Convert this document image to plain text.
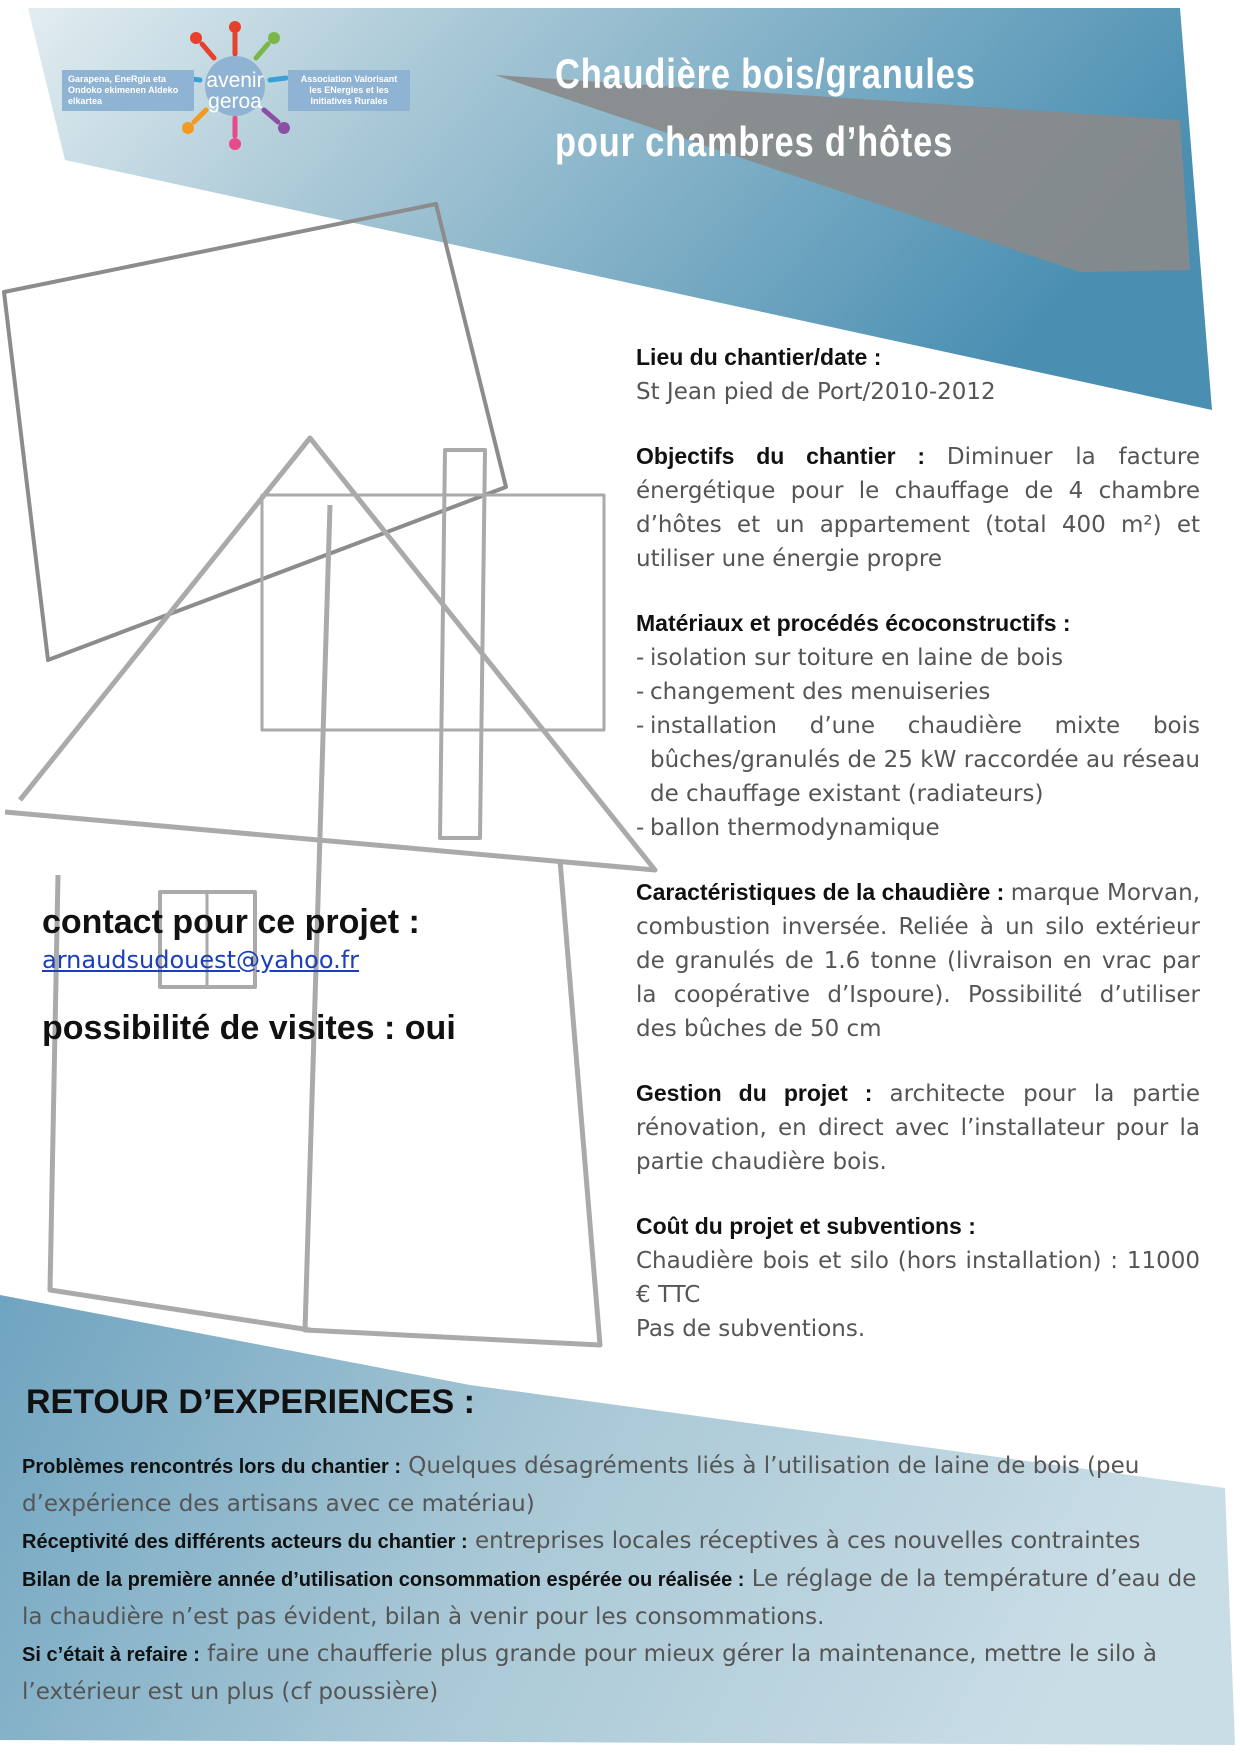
Garapena, EneRgia eta Ondoko ekimenen Aldeko elkartea
avenir
geroa
Association Valorisant les ENergies et les Initiatives Rurales
Chaudière bois/granules
pour chambres d’hôtes

Lieu du chantier/date :
St Jean pied de Port/2010-2012

Objectifs du chantier : Diminuer la facture énergétique pour le chauffage de 4 chambre d’hôtes et un appartement (total 400 m²) et utiliser une énergie propre

Matériaux et procédés écoconstructifs :
- isolation sur toiture en laine de bois
- changement des menuiseries
- installation d’une chaudière mixte bois bûches/granulés de 25 kW raccordée au réseau de chauffage existant (radiateurs)
- ballon thermodynamique

Caractéristiques de la chaudière : marque Morvan, combustion inversée. Reliée à un silo extérieur de granulés de 1.6 tonne (livraison en vrac par la coopérative d’Ispoure). Possibilité d’utiliser des bûches de 50 cm

Gestion du projet : architecte pour la partie rénovation, en direct avec l’installateur pour la partie chaudière bois.

Coût du projet et subventions :
Chaudière bois et silo (hors installation) : 11000 € TTC
Pas de subventions.

contact pour ce projet :
arnaudsudouest@yahoo.fr
possibilité de visites : oui
RETOUR D’EXPERIENCES :

Problèmes rencontrés lors du chantier : Quelques désagréments liés à l’utilisation de laine de bois (peu d’expérience des artisans avec ce matériau)

Réceptivité des différents acteurs du chantier : entreprises locales réceptives à ces nouvelles contraintes

Bilan de la première année d’utilisation consommation espérée ou réalisée : Le réglage de la température d’eau de la chaudière n’est pas évident, bilan à venir pour les consommations.

Si c’était à refaire : faire une chaufferie plus grande pour mieux gérer la maintenance, mettre le silo à l’extérieur est un plus (cf poussière)
